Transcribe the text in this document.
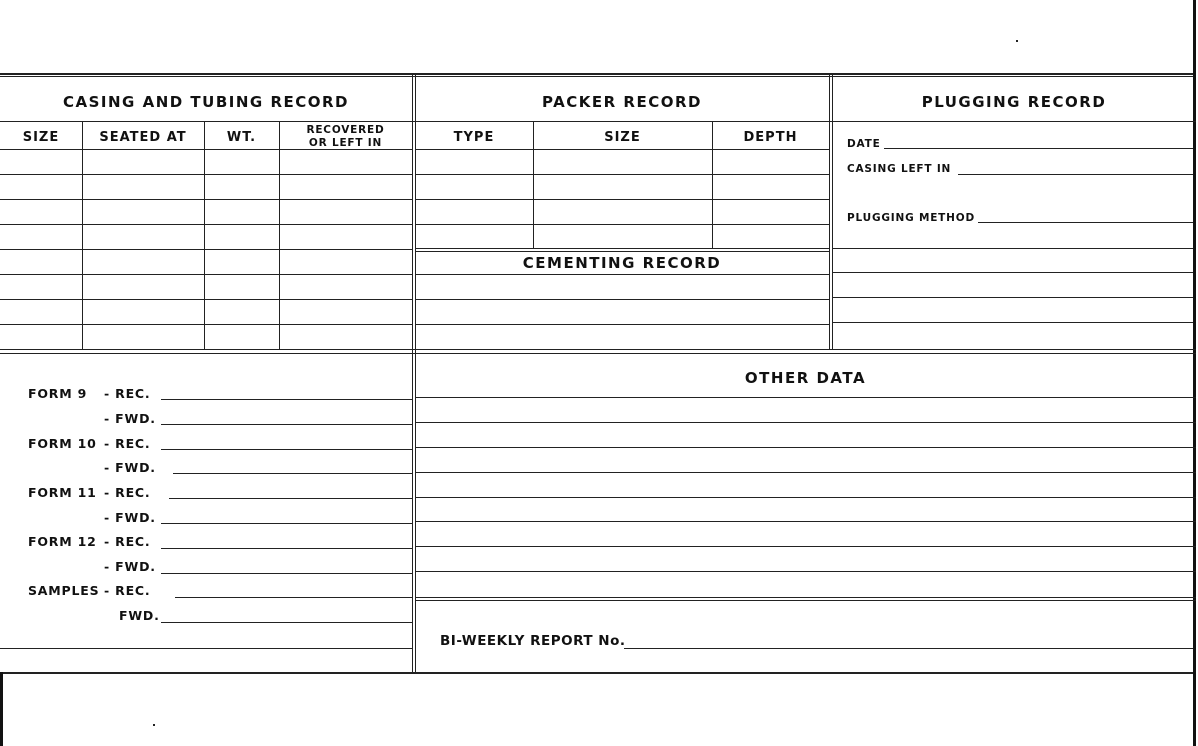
CASING AND TUBING RECORD
SIZE	SEATED AT	WT.	RECOVERED
OR LEFT IN
PACKER RECORD
TYPE	SIZE	DEPTH
CEMENTING RECORD
PLUGGING RECORD
DATE
CASING LEFT IN
PLUGGING METHOD
FORM 9 - REC.
- FWD.
FORM 10 - REC.
- FWD.
FORM 11 - REC.
- FWD.
FORM 12 - REC.
- FWD.
SAMPLES - REC.
FWD.
OTHER DATA
BI-WEEKLY REPORT No.
